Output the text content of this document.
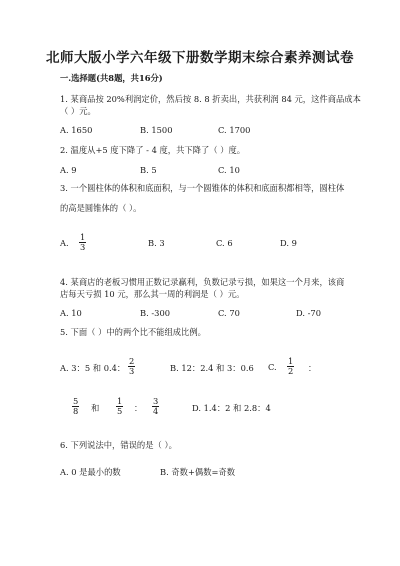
北师大版小学六年级下册数学期末综合素养测试卷
一.选择题(共8题，共16分)
1. 某商品按 20%利润定价，然后按 8. 8 折卖出，共获利润 84 元，这件商品成本
（ ）元。
A. 1650	B. 1500	C. 1700
2. 温度从+5 度下降了 - 4 度，共下降了（ ）度。
A. 9	B. 5	C. 10
3. 一个圆柱体的体积和底面积，与一个圆锥体的体积和底面积都相等，圆柱体
的高是圆锥体的（ ）。
A. $\frac{1}{3}$	B. 3	C. 6	D. 9
4. 某商店的老板习惯用正数记录赢利，负数记录亏损，如果这一个月来，该商
店每天亏损 10 元，那么其一周的利润是（ ）元。
A. 10	B. -300	C. 70	D. -70
5. 下面（ ）中的两个比不能组成比例。
A. 3：5 和 0.4： $\frac{2}{3}$	B. 12：2.4 和 3：0.6 C. $\frac{1}{2}$ ：
$\frac{5}{8}$ 和 $\frac{1}{5}$ ： $\frac{3}{4}$	D. 1.4：2 和 2.8：4
6. 下列说法中，错误的是（ ）。
A. 0 是最小的数	B. 奇数+偶数=奇数
